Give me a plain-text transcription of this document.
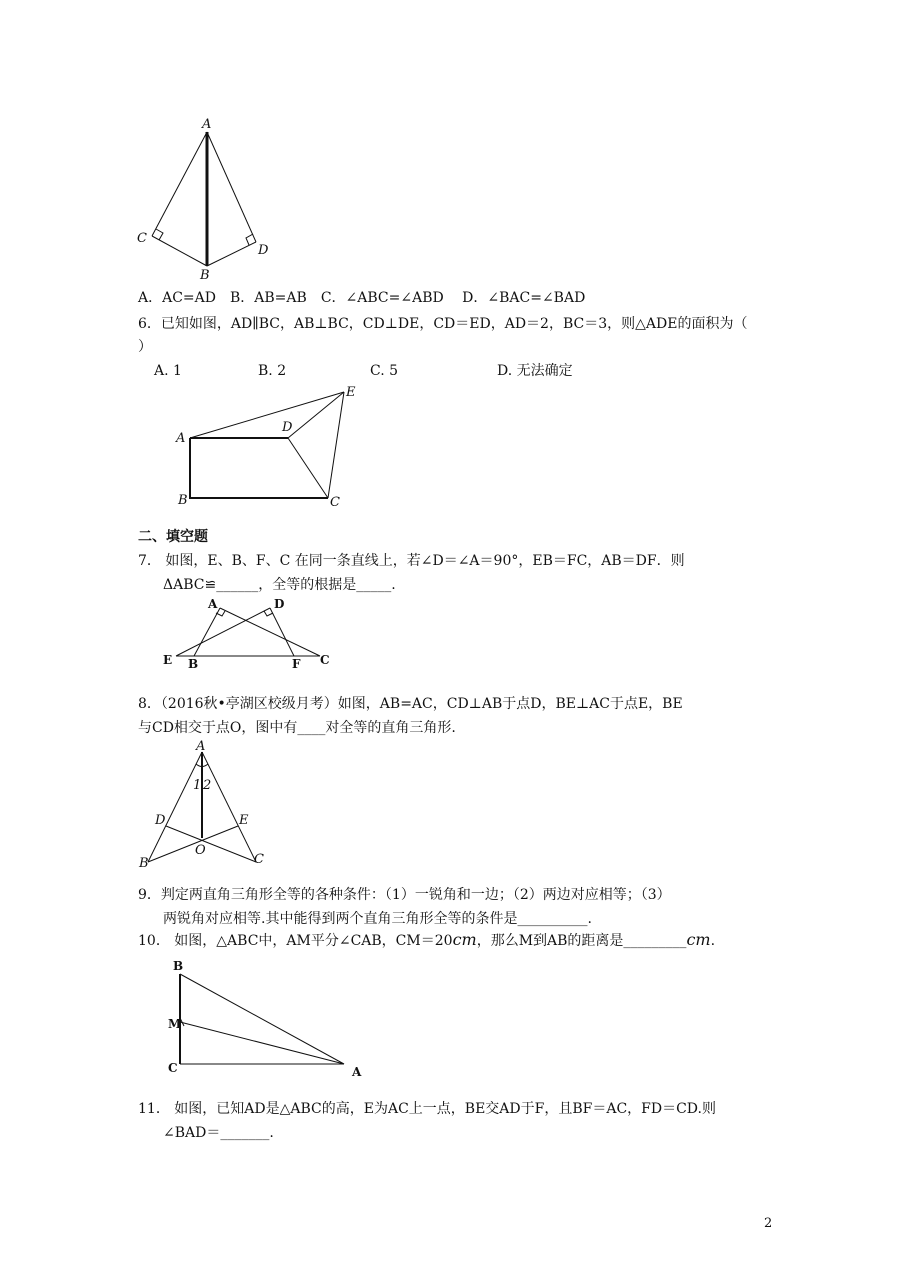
A
B
C
D
A．AC=AD　B．AB=AB　C．∠ABC=∠ABD　 D．∠BAC=∠BAD
6．已知如图，AD∥BC，AB⊥BC，CD⊥DE，CD＝ED，AD＝2，BC＝3，则△ADE的面积为（
）
A. 1	B. 2	C. 5	D. 无法确定
A
B	C
D
E
二、填空题
7． 如图，E、B、F、C 在同一条直线上，若∠D＝∠A＝90°，EB＝FC，AB＝DF．则
ΔABC≌______，全等的根据是_____.
A	D
E B	F C
8．（2016秋•亭湖区校级月考）如图，AB=AC，CD⊥AB于点D，BE⊥AC于点E，BE
与CD相交于点O，图中有____对全等的直角三角形.
A
1 2
D	E
O
B	C
9．判定两直角三角形全等的各种条件：（1）一锐角和一边；（2）两边对应相等；（3）
两锐角对应相等.其中能得到两个直角三角形全等的条件是__________.
10． 如图，△ABC中，AM平分∠CAB，CM＝20cm，那么M到AB的距离是_________cm.
B
M
C	A
11． 如图，已知AD是△ABC的高，E为AC上一点，BE交AD于F，且BF＝AC，FD＝CD.则
∠BAD＝_______.
2
